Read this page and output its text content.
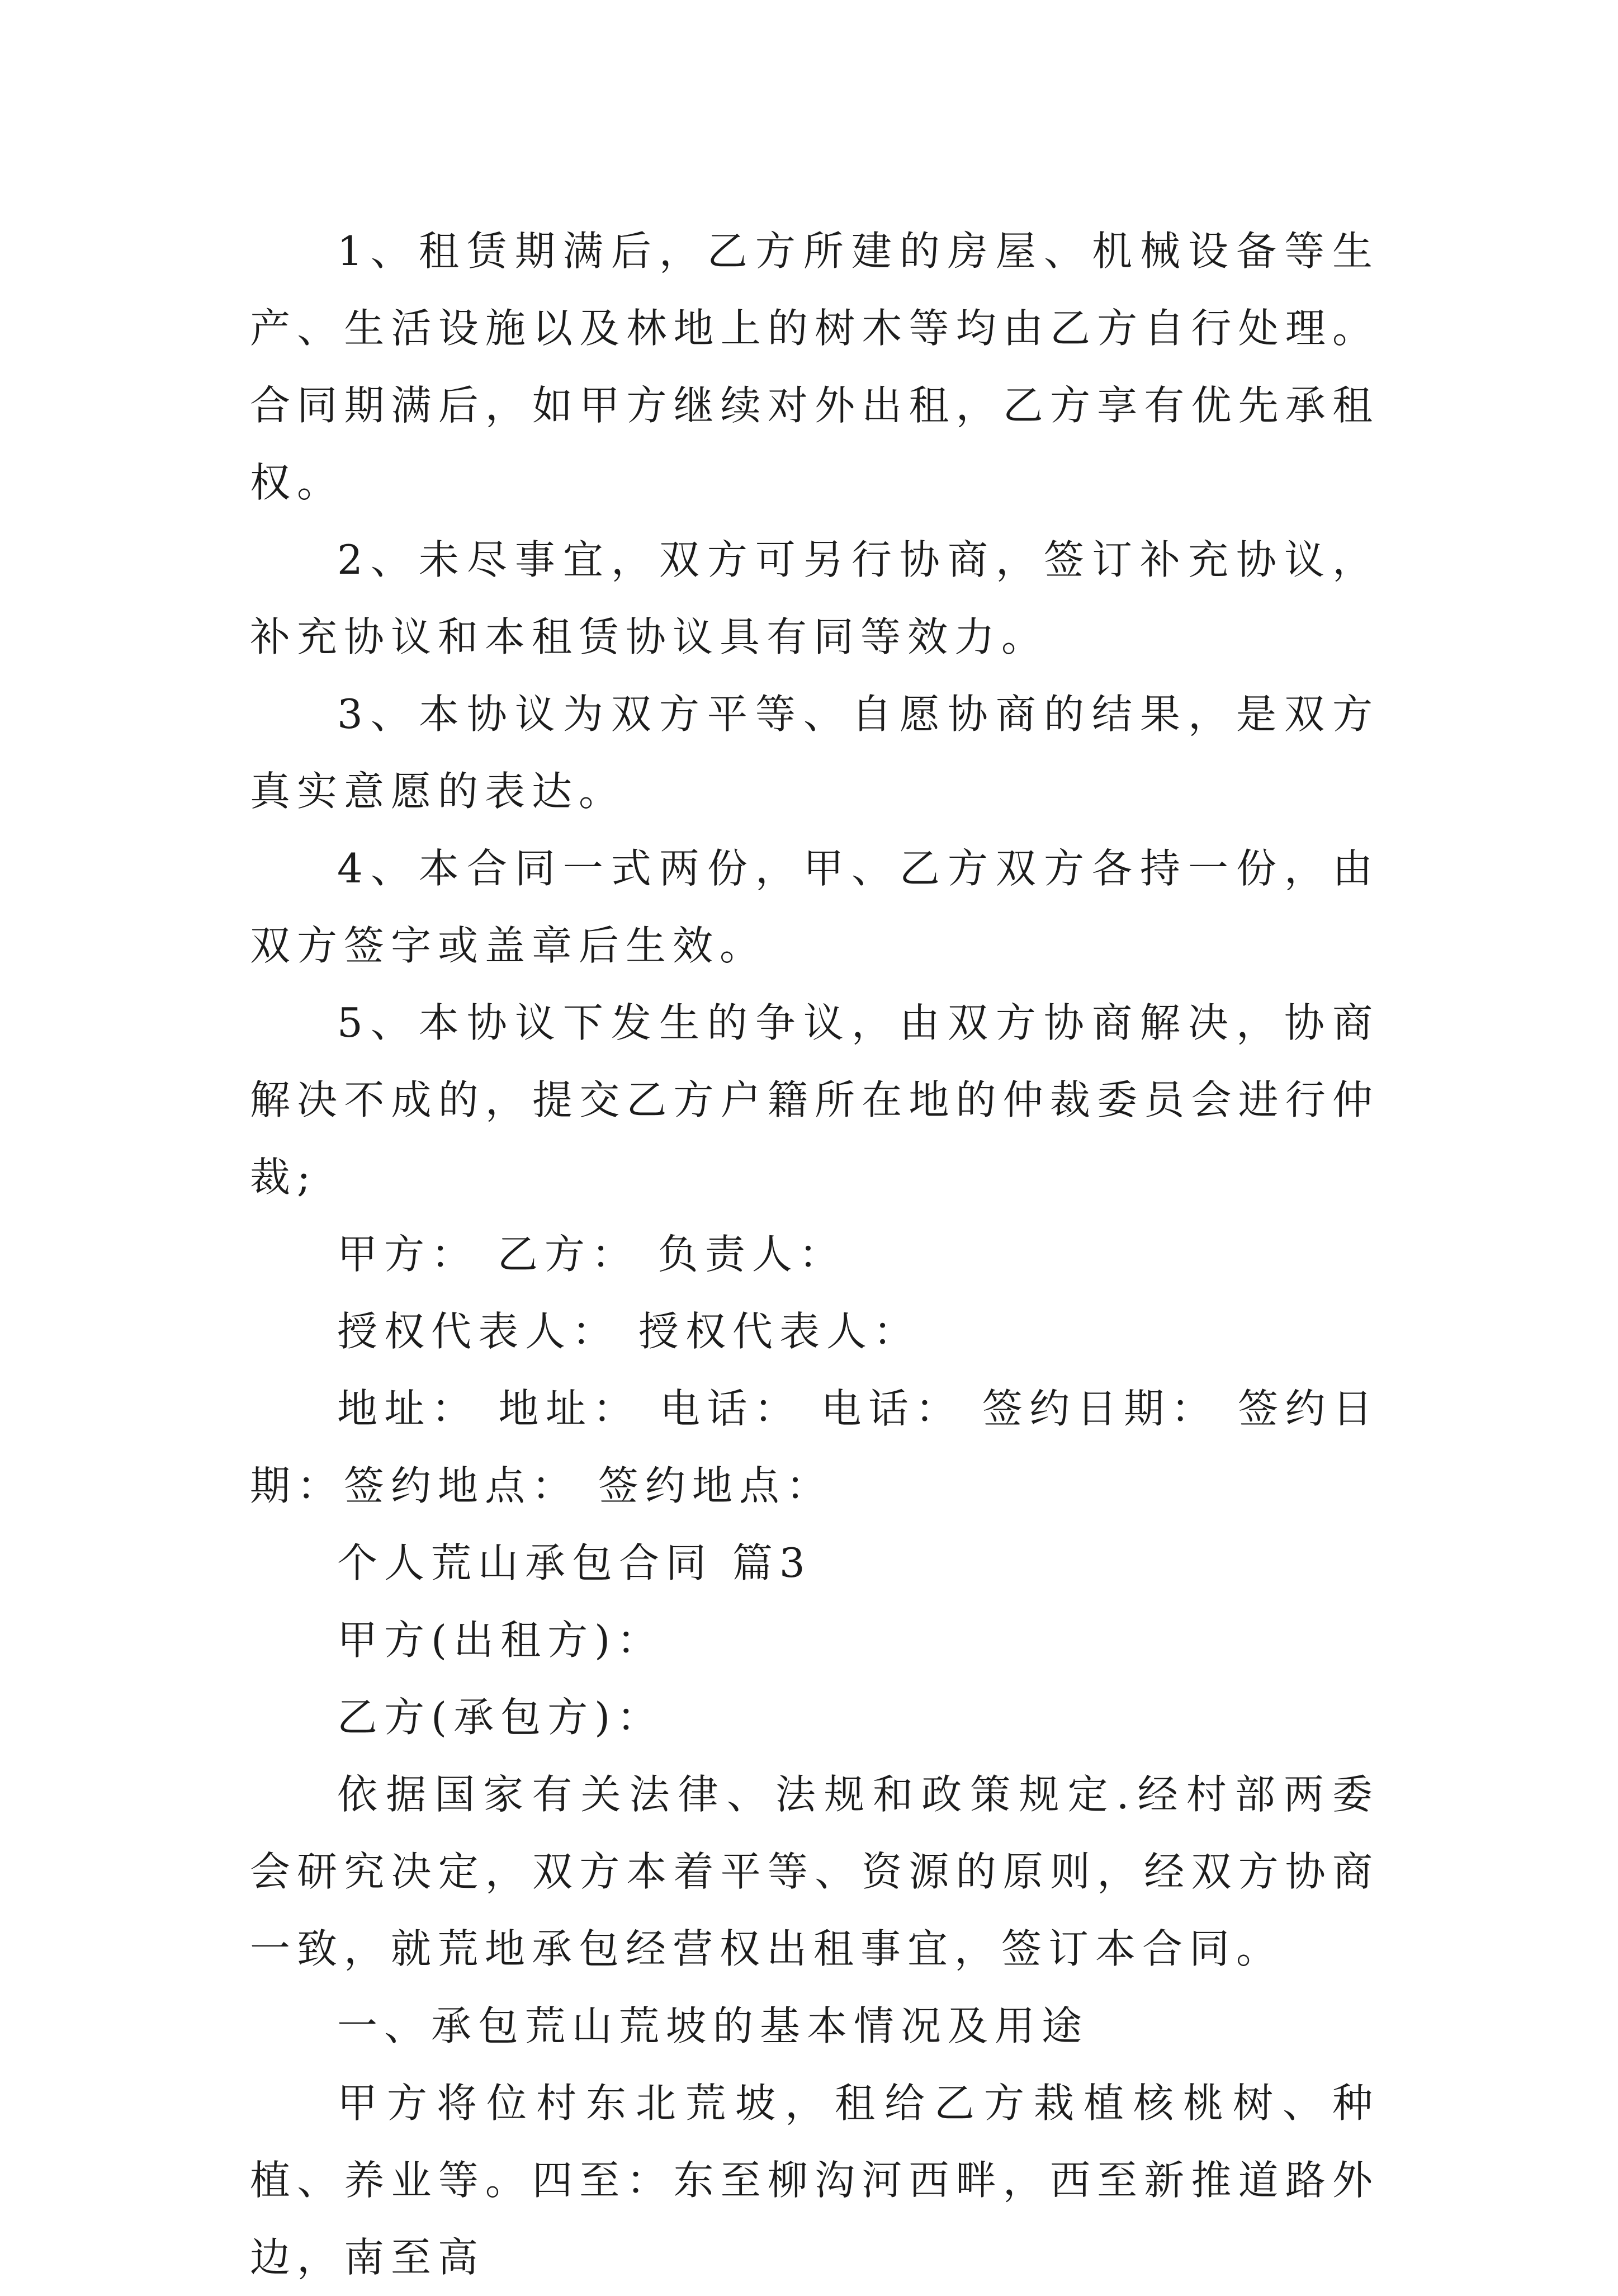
1、租赁期满后，乙方所建的房屋、机械设备等生产、生活设施以及林地上的树木等均由乙方自行处理。合同期满后，如甲方继续对外出租，乙方享有优先承租权。

2、未尽事宜，双方可另行协商，签订补充协议，补充协议和本租赁协议具有同等效力。

3、本协议为双方平等、自愿协商的结果，是双方真实意愿的表达。

4、本合同一式两份，甲、乙方双方各持一份，由双方签字或盖章后生效。

5、本协议下发生的争议，由双方协商解决，协商解决不成的，提交乙方户籍所在地的仲裁委员会进行仲裁;

甲方： 乙方： 负责人：

授权代表人： 授权代表人：

地址： 地址： 电话： 电话： 签约日期： 签约日期：签约地点： 签约地点：

个人荒山承包合同 篇3

甲方(出租方)：

乙方(承包方)：

依据国家有关法律、法规和政策规定.经村部两委会研究决定，双方本着平等、资源的原则，经双方协商一致，就荒地承包经营权出租事宜，签订本合同。

一、承包荒山荒坡的基本情况及用途

甲方将位村东北荒坡，租给乙方栽植核桃树、种植、养业等。四至：东至柳沟河西畔，西至新推道路外边，南至高
